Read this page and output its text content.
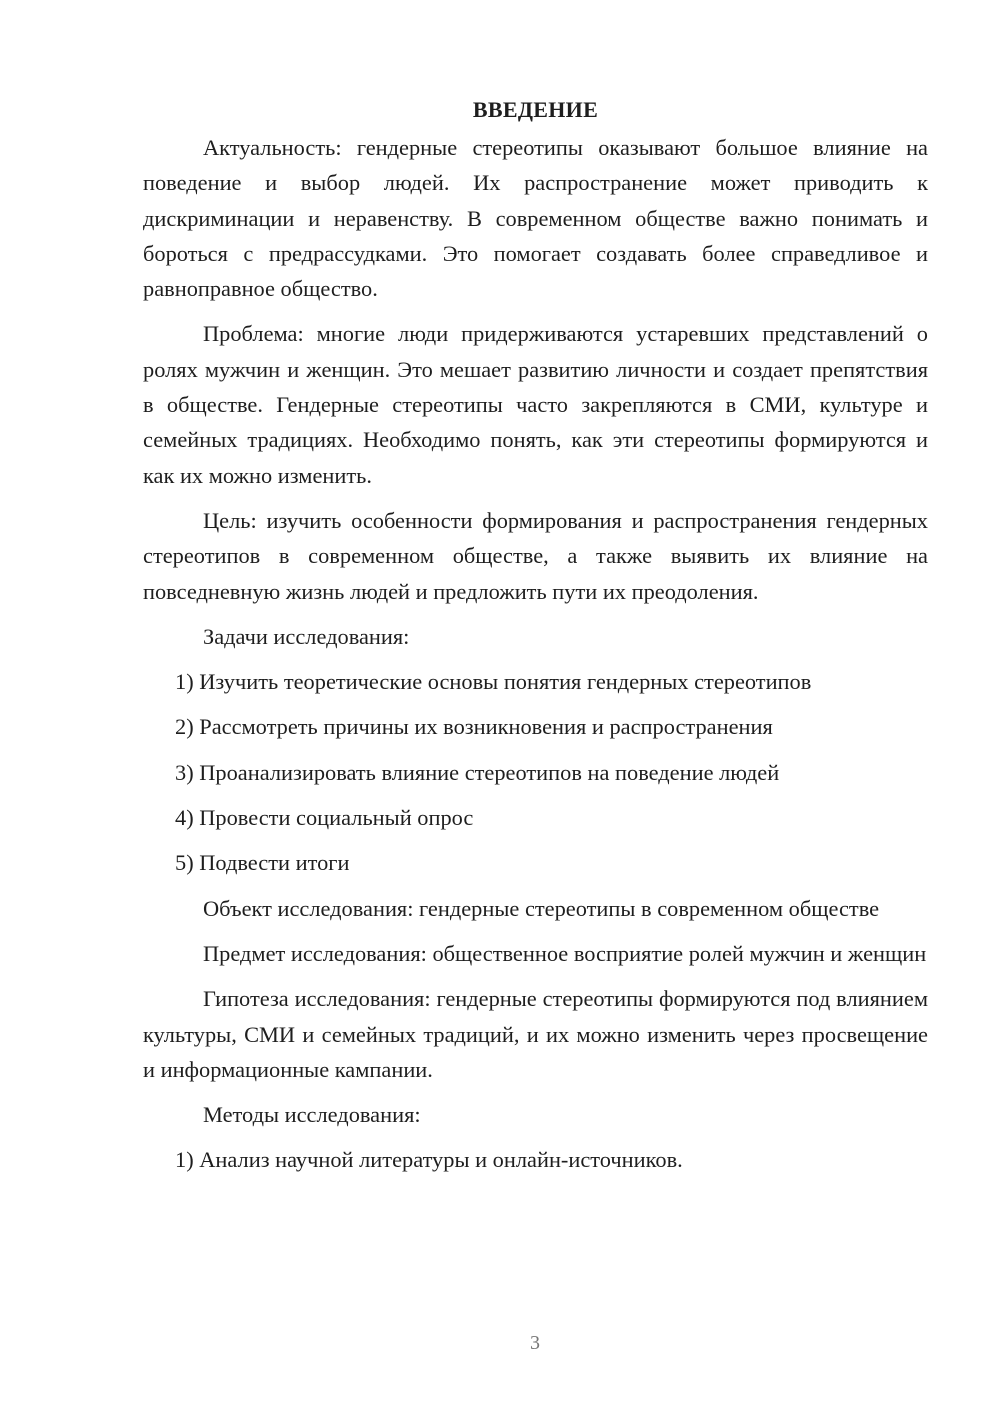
ВВЕДЕНИЕ

Актуальность: гендерные стереотипы оказывают большое влияние на поведение и выбор людей. Их распространение может приводить к дискриминации и неравенству. В современном обществе важно понимать и бороться с предрассудками. Это помогает создавать более справедливое и равноправное общество.

Проблема: многие люди придерживаются устаревших представлений о ролях мужчин и женщин. Это мешает развитию личности и создает препятствия в обществе. Гендерные стереотипы часто закрепляются в СМИ, культуре и семейных традициях. Необходимо понять, как эти стереотипы формируются и как их можно изменить.

Цель: изучить особенности формирования и распространения гендерных стереотипов в современном обществе, а также выявить их влияние на повседневную жизнь людей и предложить пути их преодоления.

Задачи исследования:

1) Изучить теоретические основы понятия гендерных стереотипов

2) Рассмотреть причины их возникновения и распространения

3) Проанализировать влияние стереотипов на поведение людей

4) Провести социальный опрос

5) Подвести итоги

Объект исследования: гендерные стереотипы в современном обществе

Предмет исследования: общественное восприятие ролей мужчин и женщин

Гипотеза исследования: гендерные стереотипы формируются под влиянием культуры, СМИ и семейных традиций, и их можно изменить через просвещение и информационные кампании.

Методы исследования:

1) Анализ научной литературы и онлайн-источников.

3
